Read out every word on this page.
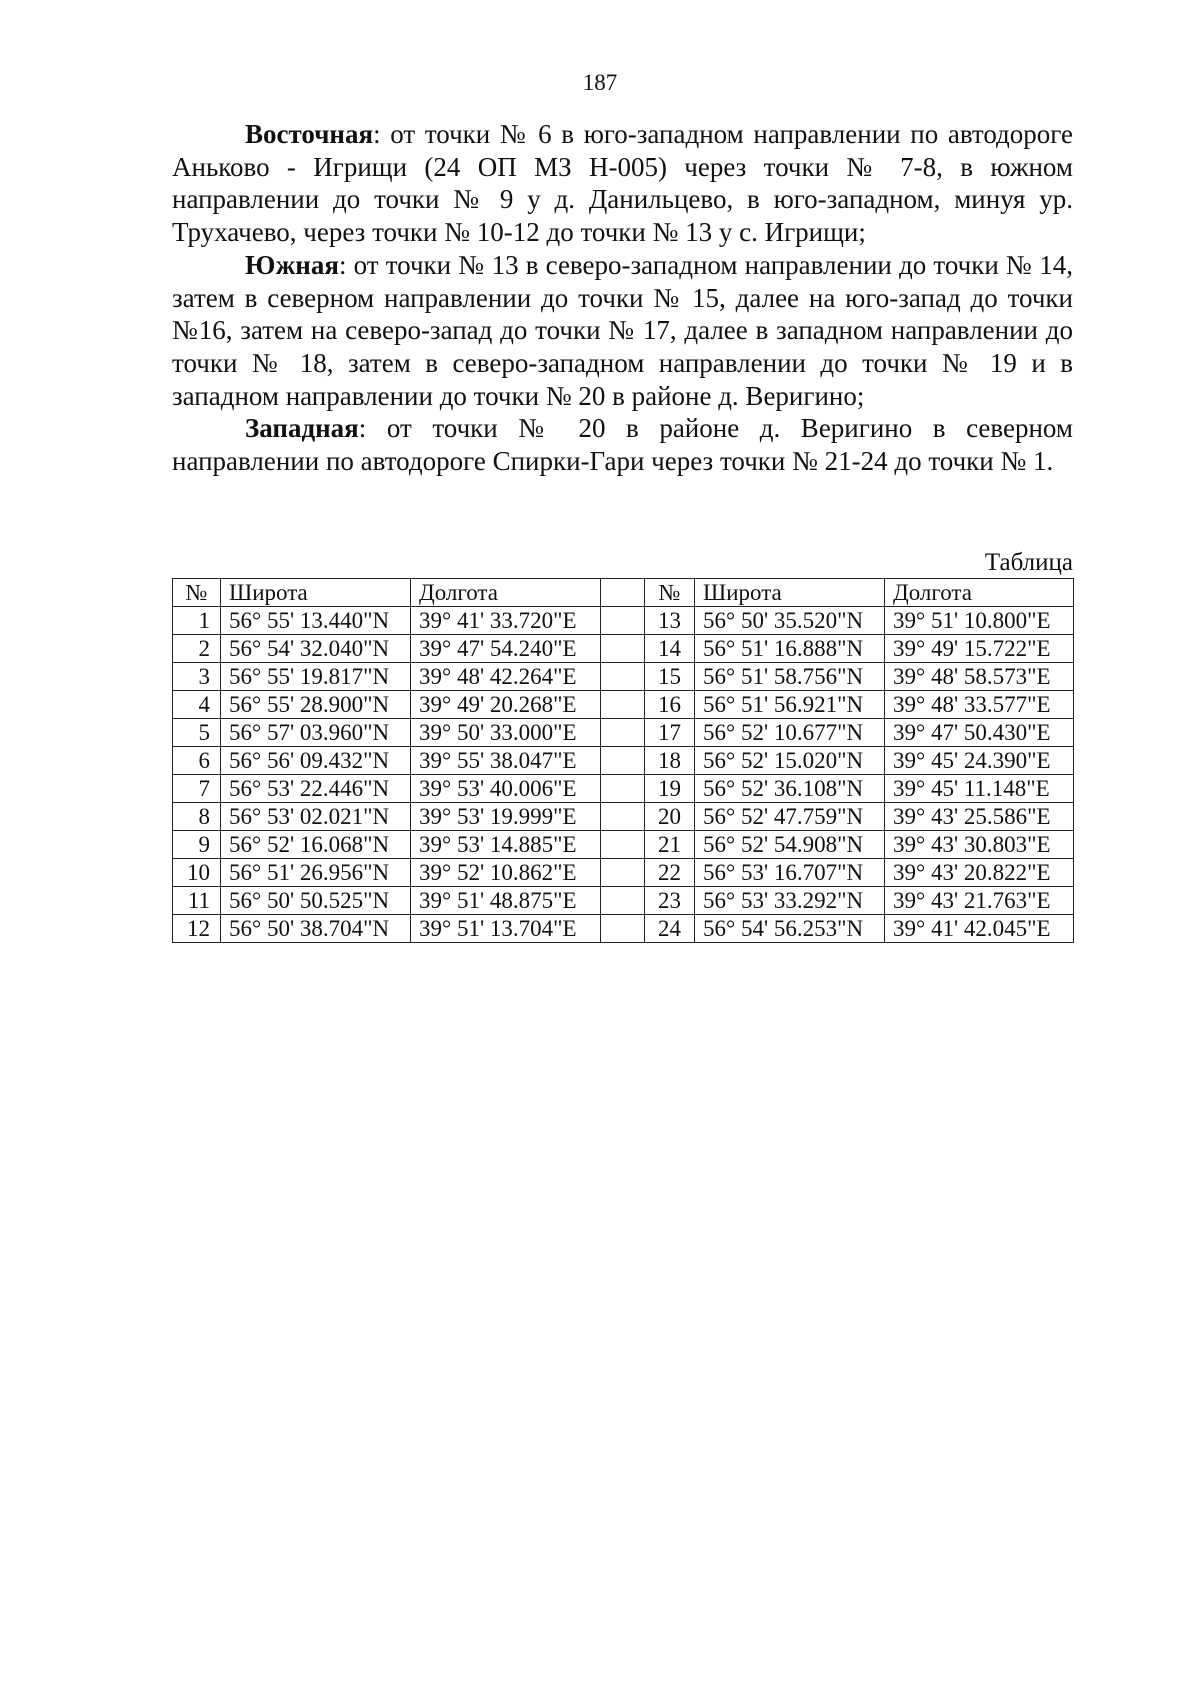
187

Восточная: от точки № 6 в юго-западном направлении по автодороге Аньково - Игрищи (24 ОП МЗ Н-005) через точки № 7-8, в южном направлении до точки № 9 у д. Данильцево, в юго-западном, минуя ур. Трухачево, через точки № 10-12 до точки № 13 у с. Игрищи;

Южная: от точки № 13 в северо-западном направлении до точки № 14, затем в северном направлении до точки № 15, далее на юго-запад до точки №16, затем на северо-запад до точки № 17, далее в западном направлении до точки № 18, затем в северо-западном направлении до точки № 19 и в западном направлении до точки № 20 в районе д. Веригино;

Западная: от точки № 20 в районе д. Веригино в северном направлении по автодороге Спирки-Гари через точки № 21-24 до точки № 1.

Таблица
№	Широта	Долгота		№	Широта	Долгота
1	56° 55' 13.440"N	39° 41' 33.720"E		13	56° 50' 35.520"N	39° 51' 10.800"E
2	56° 54' 32.040"N	39° 47' 54.240"E		14	56° 51' 16.888"N	39° 49' 15.722"E
3	56° 55' 19.817"N	39° 48' 42.264"E		15	56° 51' 58.756"N	39° 48' 58.573"E
4	56° 55' 28.900"N	39° 49' 20.268"E		16	56° 51' 56.921"N	39° 48' 33.577"E
5	56° 57' 03.960"N	39° 50' 33.000"E		17	56° 52' 10.677"N	39° 47' 50.430"E
6	56° 56' 09.432"N	39° 55' 38.047"E		18	56° 52' 15.020"N	39° 45' 24.390"E
7	56° 53' 22.446"N	39° 53' 40.006"E		19	56° 52' 36.108"N	39° 45' 11.148"E
8	56° 53' 02.021"N	39° 53' 19.999"E		20	56° 52' 47.759"N	39° 43' 25.586"E
9	56° 52' 16.068"N	39° 53' 14.885"E		21	56° 52' 54.908"N	39° 43' 30.803"E
10	56° 51' 26.956"N	39° 52' 10.862"E		22	56° 53' 16.707"N	39° 43' 20.822"E
11	56° 50' 50.525"N	39° 51' 48.875"E		23	56° 53' 33.292"N	39° 43' 21.763"E
12	56° 50' 38.704"N	39° 51' 13.704"E		24	56° 54' 56.253"N	39° 41' 42.045"E
